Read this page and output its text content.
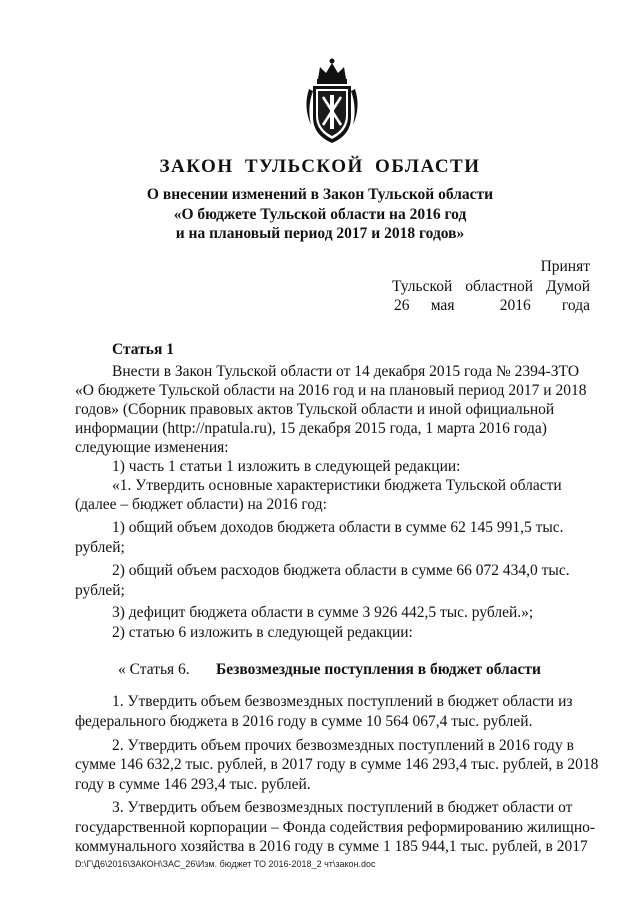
ЗАКОН ТУЛЬСКОЙ ОБЛАСТИ
О внесении изменений в Закон Тульской области
«О бюджете Тульской области на 2016 год
и на плановый период 2017 и 2018 годов»
Принят
Тульской областной Думой
26 мая	2016 года
Статья 1
Внести в Закон Тульской области от 14 декабря 2015 года № 2394-ЗТО
«О бюджете Тульской области на 2016 год и на плановый период 2017 и 2018
годов» (Сборник правовых актов Тульской области и иной официальной
информации (http://npatula.ru), 15 декабря 2015 года, 1 марта 2016 года)
следующие изменения:
1) часть 1 статьи 1 изложить в следующей редакции:
«1. Утвердить основные характеристики бюджета Тульской области
(далее – бюджет области) на 2016 год:
1) общий объем доходов бюджета области в сумме 62 145 991,5 тыс.
рублей;
2) общий объем расходов бюджета области в сумме 66 072 434,0 тыс.
рублей;
3) дефицит бюджета области в сумме 3 926 442,5 тыс. рублей.»;
2) статью 6 изложить в следующей редакции:
« Статья 6. Безвозмездные поступления в бюджет области
1. Утвердить объем безвозмездных поступлений в бюджет области из
федерального бюджета в 2016 году в сумме 10 564 067,4 тыс. рублей.
2. Утвердить объем прочих безвозмездных поступлений в 2016 году в
сумме 146 632,2 тыс. рублей, в 2017 году в сумме 146 293,4 тыс. рублей, в 2018
году в сумме 146 293,4 тыс. рублей.
3. Утвердить объем безвозмездных поступлений в бюджет области от
государственной корпорации – Фонда содействия реформированию жилищно-
коммунального хозяйства в 2016 году в сумме 1 185 944,1 тыс. рублей, в 2017
D:\Г\Д6\2016\ЗАКОН\ЗАС_26\Изм. бюджет ТО 2016-2018_2 чт\закон.doc
